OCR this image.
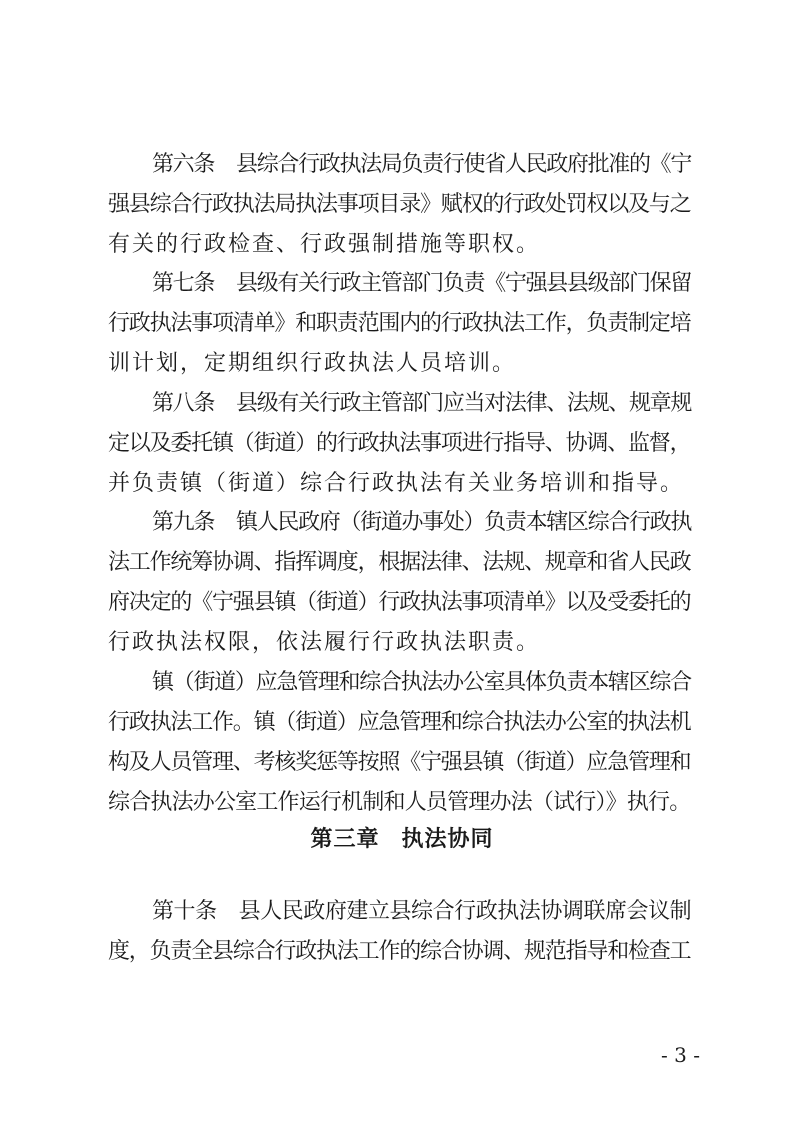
第六条 县综合行政执法局负责行使省人民政府批准的《宁
强县综合行政执法局执法事项目录》赋权的行政处罚权以及与之
有关的行政检查、行政强制措施等职权。
第七条 县级有关行政主管部门负责《宁强县县级部门保留
行政执法事项清单》和职责范围内的行政执法工作，负责制定培
训计划，定期组织行政执法人员培训。
第八条 县级有关行政主管部门应当对法律、法规、规章规
定以及委托镇（街道）的行政执法事项进行指导、协调、监督，
并负责镇（街道）综合行政执法有关业务培训和指导。
第九条 镇人民政府（街道办事处）负责本辖区综合行政执
法工作统筹协调、指挥调度，根据法律、法规、规章和省人民政
府决定的《宁强县镇（街道）行政执法事项清单》以及受委托的
行政执法权限，依法履行行政执法职责。
镇（街道）应急管理和综合执法办公室具体负责本辖区综合
行政执法工作。镇（街道）应急管理和综合执法办公室的执法机
构及人员管理、考核奖惩等按照《宁强县镇（街道）应急管理和
综合执法办公室工作运行机制和人员管理办法（试行）》执行。
第三章 执法协同
第十条 县人民政府建立县综合行政执法协调联席会议制
度，负责全县综合行政执法工作的综合协调、规范指导和检查工
- 3 -
